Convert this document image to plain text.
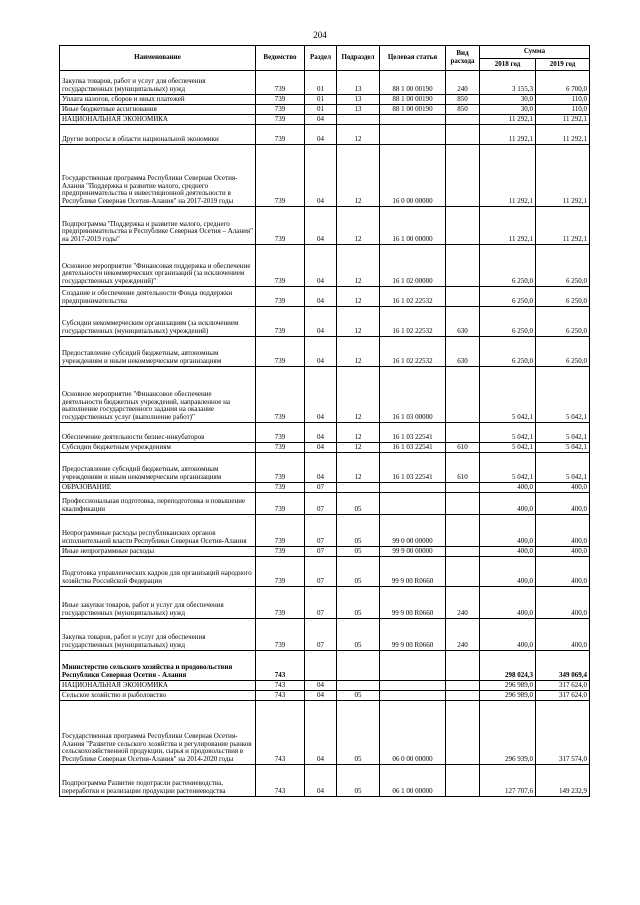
204
Наименование	Ведомство	Раздел	Подраздел	Целевая статья	Вид расхода	Сумма	
						2018 год	2019 год
Закупка товаров, работ и услуг для обеспечения государственных (муниципальных) нужд	739	01	13	88 1 00 00190	240	3 155,3	6 700,0
Уплата налогов, сборов и иных платежей	739	01	13	88 1 00 00190	850	30,0	110,0
Иные бюджетные ассигнования	739	01	13	88 1 00 00190	850	30,0	110,0
НАЦИОНАЛЬНАЯ ЭКОНОМИКА	739	04				11 292,1	11 292,1
Другие вопросы в области национальной экономики	739	04	12			11 292,1	11 292,1
Государственная программа Республики Северная Осетия-Алания "Поддержка и развитие малого, среднего предпринимательства и инвестиционной деятельности в Республике Северная Осетия-Алания" на 2017-2019 годы	739	04	12	16 0 00 00000		11 292,1	11 292,1
Подпрограмма "Поддержка и развитие малого, среднего предпринимательства в Республике Северная Осетия – Алания" на 2017-2019 годы"	739	04	12	16 1 00 00000		11 292,1	11 292,1
Основное мероприятие "Финансовая поддержка и обеспечение деятельности некоммерческих организаций (за исключением государственных учреждений)"	739	04	12	16 1 02 00000		6 250,0	6 250,0
Создание и обеспечение деятельности Фонда поддержки предпринимательства	739	04	12	16 1 02 22532		6 250,0	6 250,0
Субсидии некоммерческим организациям (за исключением государственных (муниципальных) учреждений)	739	04	12	16 1 02 22532	630	6 250,0	6 250,0
Предоставление субсидий бюджетным, автономным учреждениям и иным некоммерческим организациям	739	04	12	16 1 02 22532	630	6 250,0	6 250,0
Основное мероприятие "Финансовое обеспечение деятельности бюджетных учреждений, направленное на выполнение государственного задания на оказание государственных услуг (выполнение работ)"	739	04	12	16 1 03 00000		5 042,1	5 042,1
Обеспечение деятельности бизнес-инкубаторов	739	04	12	16 1 03 22541		5 042,1	5 042,1
Субсидии бюджетным учреждениям	739	04	12	16 1 03 22541	610	5 042,1	5 042,1
Предоставление субсидий бюджетным, автономным учреждениям и иным некоммерческим организациям	739	04	12	16 1 03 22541	610	5 042,1	5 042,1
ОБРАЗОВАНИЕ	739	07				400,0	400,0
Профессиональная подготовка, переподготовка и повышение квалификации	739	07	05			400,0	400,0
Непрограммные расходы республиканских органов исполнительной власти Республики Северная Осетия-Алания	739	07	05	99 0 00 00000		400,0	400,0
Иные непрограммные расходы	739	07	05	99 9 00 00000		400,0	400,0
Подготовка управленческих кадров для организаций народного хозяйства Российской Федерации	739	07	05	99 9 00 R0660		400,0	400,0
Иные закупки товаров, работ и услуг для обеспечения государственных (муниципальных) нужд	739	07	05	99 9 00 R0660	240	400,0	400,0
Закупка товаров, работ и услуг для обеспечения государственных (муниципальных) нужд	739	07	05	99 9 00 R0660	240	400,0	400,0
Министерство сельского хозяйства и продовольствия Республики Северная Осетия - Алания	743					298 024,3	349 069,4
НАЦИОНАЛЬНАЯ ЭКОНОМИКА	743	04				296 989,0	317 624,0
Сельское хозяйство и рыболовство	743	04	05			296 989,0	317 624,0
Государственная программа Республики Северная Осетия-Алания "Развитие сельского хозяйства и регулирование рынков сельскохозяйственной продукции, сырья и продовольствия в Республике Северная Осетия-Алания" на 2014-2020 годы	743	04	05	06 0 00 00000		296 939,0	317 574,0
Подпрограмма Развитие подотрасли растениеводства, переработки и реализации продукции растениеводства	743	04	05	06 1 00 00000		127 707,6	149 232,9
